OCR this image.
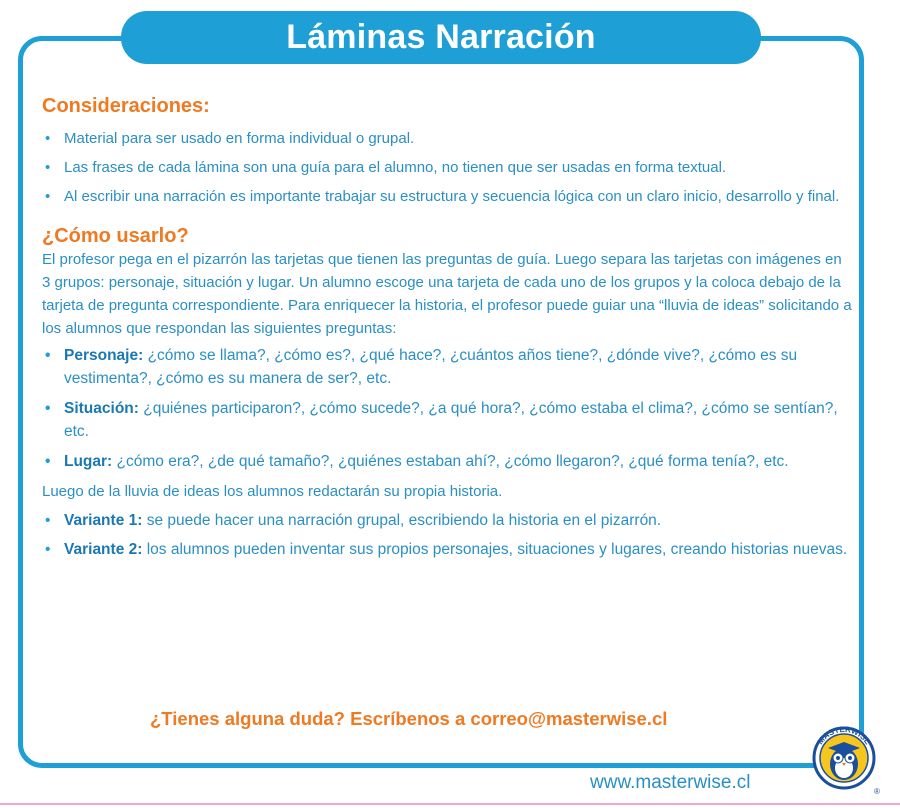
Láminas Narración
Consideraciones:
• Material para ser usado en forma individual o grupal.
• Las frases de cada lámina son una guía para el alumno, no tienen que ser usadas en forma textual.
• Al escribir una narración es importante trabajar su estructura y secuencia lógica con un claro inicio, desarrollo y final.
¿Cómo usarlo?

El profesor pega en el pizarrón las tarjetas que tienen las preguntas de guía. Luego separa las tarjetas con imágenes en 3 grupos: personaje, situación y lugar. Un alumno escoge una tarjeta de cada uno de los grupos y la coloca debajo de la tarjeta de pregunta correspondiente. Para enriquecer la historia, el profesor puede guiar una “lluvia de ideas” solicitando a los alumnos que respondan las siguientes preguntas:

• Personaje: ¿cómo se llama?, ¿cómo es?, ¿qué hace?, ¿cuántos años tiene?, ¿dónde vive?, ¿cómo es su vestimenta?, ¿cómo es su manera de ser?, etc.
• Situación: ¿quiénes participaron?, ¿cómo sucede?, ¿a qué hora?, ¿cómo estaba el clima?, ¿cómo se sentían?, etc.
• Lugar: ¿cómo era?, ¿de qué tamaño?, ¿quiénes estaban ahí?, ¿cómo llegaron?, ¿qué forma tenía?, etc.

Luego de la lluvia de ideas los alumnos redactarán su propia historia.

• Variante 1: se puede hacer una narración grupal, escribiendo la historia en el pizarrón.
• Variante 2: los alumnos pueden inventar sus propios personajes, situaciones y lugares, creando historias nuevas.
¿Tienes alguna duda? Escríbenos a correo@masterwise.cl
www.masterwise.cl
MASTERWISE
®
